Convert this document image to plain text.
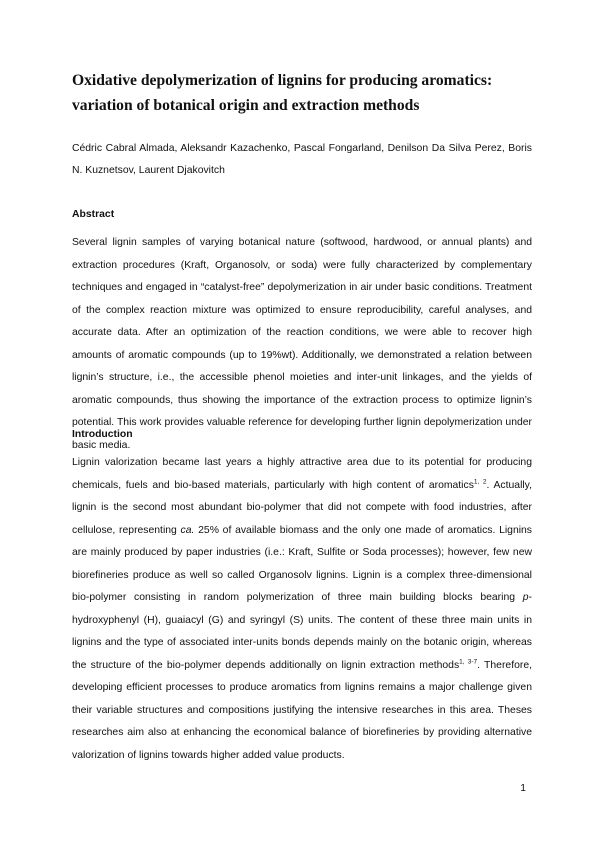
Oxidative depolymerization of lignins for producing aromatics: variation of botanical origin and extraction methods

Cédric Cabral Almada, Aleksandr Kazachenko, Pascal Fongarland, Denilson Da Silva Perez, Boris N. Kuznetsov, Laurent Djakovitch

Abstract

Several lignin samples of varying botanical nature (softwood, hardwood, or annual plants) and extraction procedures (Kraft, Organosolv, or soda) were fully characterized by complementary techniques and engaged in “catalyst-free” depolymerization in air under basic conditions. Treatment of the complex reaction mixture was optimized to ensure reproducibility, careful analyses, and accurate data. After an optimization of the reaction conditions, we were able to recover high amounts of aromatic compounds (up to 19%wt). Additionally, we demonstrated a relation between lignin’s structure, i.e., the accessible phenol moieties and inter-unit linkages, and the yields of aromatic compounds, thus showing the importance of the extraction process to optimize lignin’s potential. This work provides valuable reference for developing further lignin depolymerization under basic media.

Introduction

Lignin valorization became last years a highly attractive area due to its potential for producing chemicals, fuels and bio-based materials, particularly with high content of aromatics$^{1, 2}$. Actually, lignin is the second most abundant bio-polymer that did not compete with food industries, after cellulose, representing ca. 25% of available biomass and the only one made of aromatics. Lignins are mainly produced by paper industries (i.e.: Kraft, Sulfite or Soda processes); however, few new biorefineries produce as well so called Organosolv lignins. Lignin is a complex three-dimensional bio-polymer consisting in random polymerization of three main building blocks bearing p-hydroxyphenyl (H), guaiacyl (G) and syringyl (S) units. The content of these three main units in lignins and the type of associated inter-units bonds depends mainly on the botanic origin, whereas the structure of the bio-polymer depends additionally on lignin extraction methods$^{1, 3-7}$. Therefore, developing efficient processes to produce aromatics from lignins remains a major challenge given their variable structures and compositions justifying the intensive researches in this area. Theses researches aim also at enhancing the economical balance of biorefineries by providing alternative valorization of lignins towards higher added value products.

1
